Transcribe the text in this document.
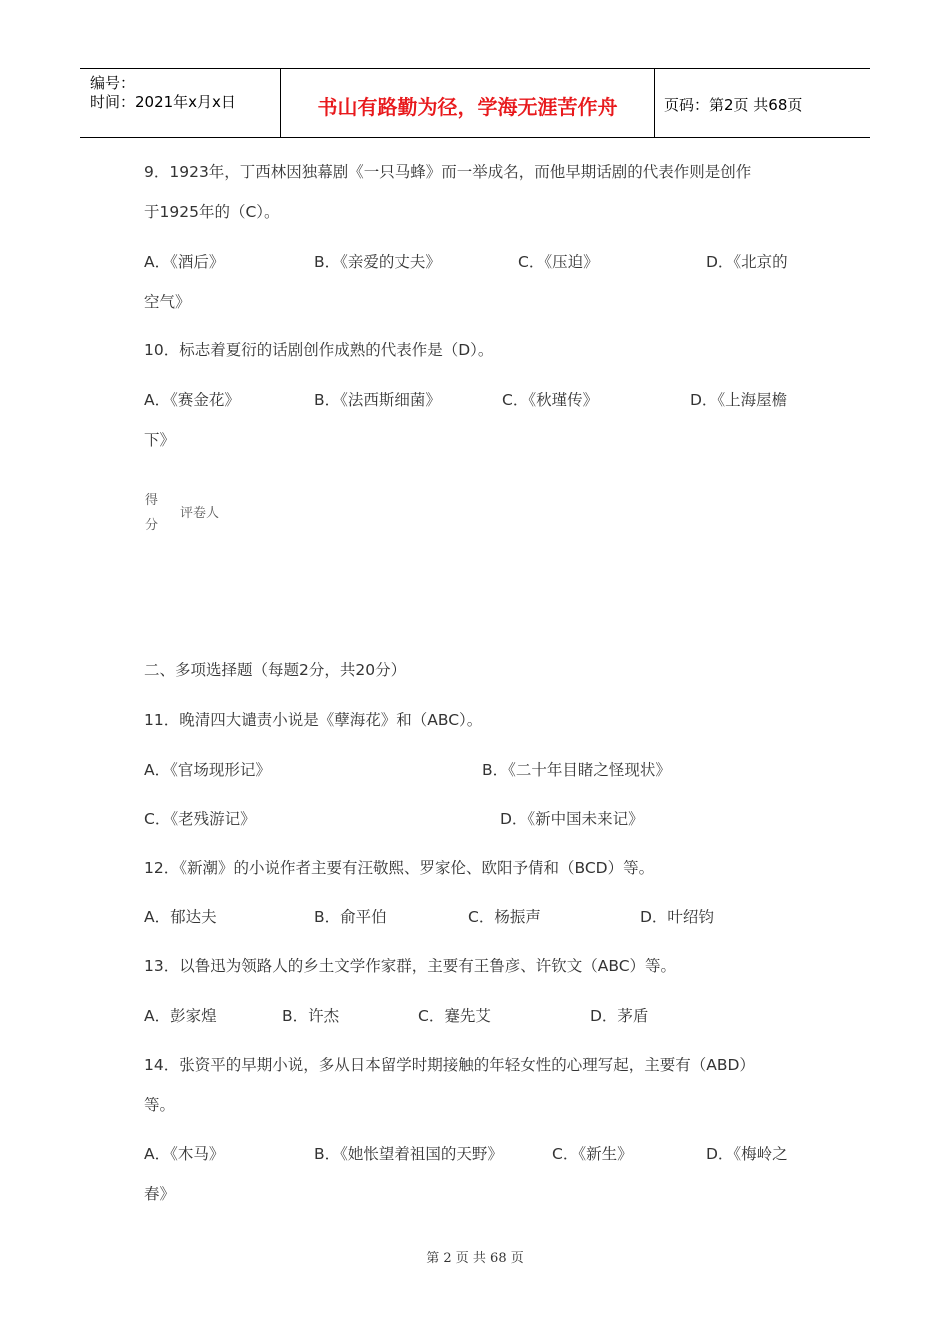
编号：
时间：2021年x月x日	书山有路勤为径，学海无涯苦作舟	页码：第2页 共68页
9．1923年，丁西林因独幕剧《一只马蜂》而一举成名，而他早期话剧的代表作则是创作
于1925年的（C）。
A．《酒后》	B．《亲爱的丈夫》	C．《压迫》	D．《北京的
空气》
10．标志着夏衍的话剧创作成熟的代表作是（D）。
A．《赛金花》	B．《法西斯细菌》	C．《秋瑾传》	D．《上海屋檐
下》
得
分
评卷人
二、多项选择题（每题2分，共20分）
11．晚清四大谴责小说是《孽海花》和（ABC）。
A．《官场现形记》	B．《二十年目睹之怪现状》
C．《老残游记》	D．《新中国未来记》
12．《新潮》的小说作者主要有汪敬熙、罗家伦、欧阳予倩和（BCD）等。
A．郁达夫	B．俞平伯	C．杨振声	D．叶绍钧
13．以鲁迅为领路人的乡土文学作家群，主要有王鲁彦、许钦文（ABC）等。
A．彭家煌	B．许杰	C．蹇先艾	D．茅盾
14．张资平的早期小说，多从日本留学时期接触的年轻女性的心理写起，主要有（ABD）
等。
A．《木马》	B．《她怅望着祖国的天野》	C．《新生》	D．《梅岭之
春》
第 2 页 共 68 页
